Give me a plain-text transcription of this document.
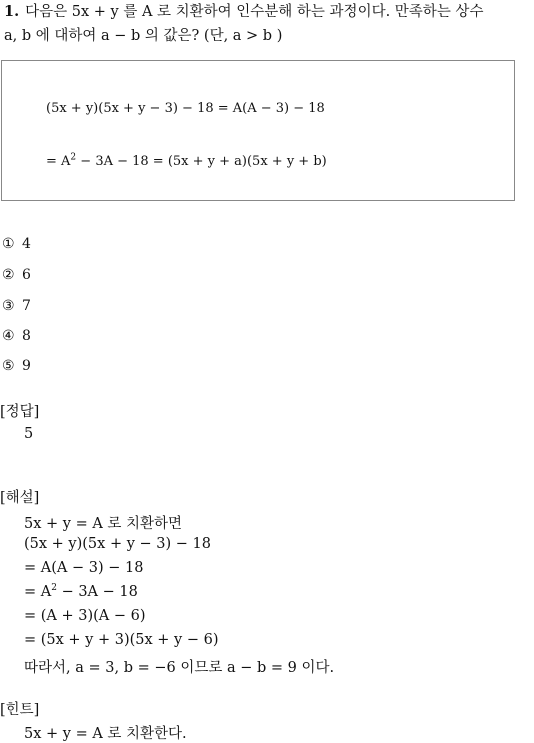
1. 다음은 5x + y 를 A 로 치환하여 인수분해 하는 과정이다. 만족하는 상수
a, b 에 대하여 a − b 의 값은? (단, a > b )
(5x + y)(5x + y − 3) − 18 = A(A − 3) − 18
= $A^2 - 3A - 18 = (5x + y + a)(5x + y + b)$
① 4
② 6
③ 7
④ 8
⑤ 9
[정답]
5
[해설]
5x + y = A 로 치환하면
(5x + y)(5x + y − 3) − 18
= A(A − 3) − 18
= $A^2 - 3A - 18$
= (A + 3)(A − 6)
= (5x + y + 3)(5x + y − 6)
따라서, a = 3, b = −6 이므로 a − b = 9 이다.
[힌트]
5x + y = A 로 치환한다.
